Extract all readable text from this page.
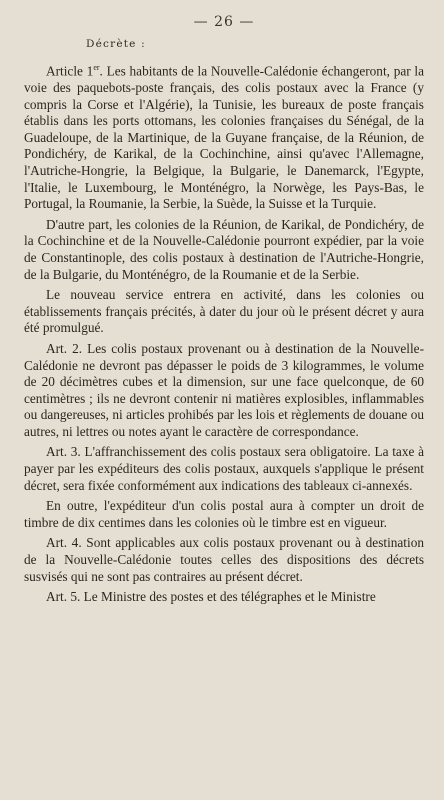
— 26 —
Décrète :

Article 1er. Les habitants de la Nouvelle-Calédonie échangeront, par la voie des paquebots-poste français, des colis postaux avec la France (y compris la Corse et l'Algérie), la Tunisie, les bureaux de poste français établis dans les ports ottomans, les colonies françaises du Sénégal, de la Guadeloupe, de la Martinique, de la Guyane française, de la Réunion, de Pondichéry, de Karikal, de la Cochinchine, ainsi qu'avec l'Allemagne, l'Autriche-Hongrie, la Belgique, la Bulgarie, le Danemarck, l'Egypte, l'Italie, le Luxembourg, le Monténégro, la Norwège, les Pays-Bas, le Portugal, la Roumanie, la Serbie, la Suède, la Suisse et la Turquie.

D'autre part, les colonies de la Réunion, de Karikal, de Pondichéry, de la Cochinchine et de la Nouvelle-Calédonie pourront expédier, par la voie de Constantinople, des colis postaux à destination de l'Autriche-Hongrie, de la Bulgarie, du Monténégro, de la Roumanie et de la Serbie.

Le nouveau service entrera en activité, dans les colonies ou établissements français précités, à dater du jour où le présent décret y aura été promulgué.

Art. 2. Les colis postaux provenant ou à destination de la Nouvelle-Calédonie ne devront pas dépasser le poids de 3 kilogrammes, le volume de 20 décimètres cubes et la dimension, sur une face quelconque, de 60 centimètres ; ils ne devront contenir ni matières explosibles, inflammables ou dangereuses, ni articles prohibés par les lois et règlements de douane ou autres, ni lettres ou notes ayant le caractère de correspondance.

Art. 3. L'affranchissement des colis postaux sera obligatoire. La taxe à payer par les expéditeurs des colis postaux, auxquels s'applique le présent décret, sera fixée conformément aux indications des tableaux ci-annexés.

En outre, l'expéditeur d'un colis postal aura à compter un droit de timbre de dix centimes dans les colonies où le timbre est en vigueur.

Art. 4. Sont applicables aux colis postaux provenant ou à destination de la Nouvelle-Calédonie toutes celles des dispositions des décrets susvisés qui ne sont pas contraires au présent décret.

Art. 5. Le Ministre des postes et des télégraphes et le Ministre
